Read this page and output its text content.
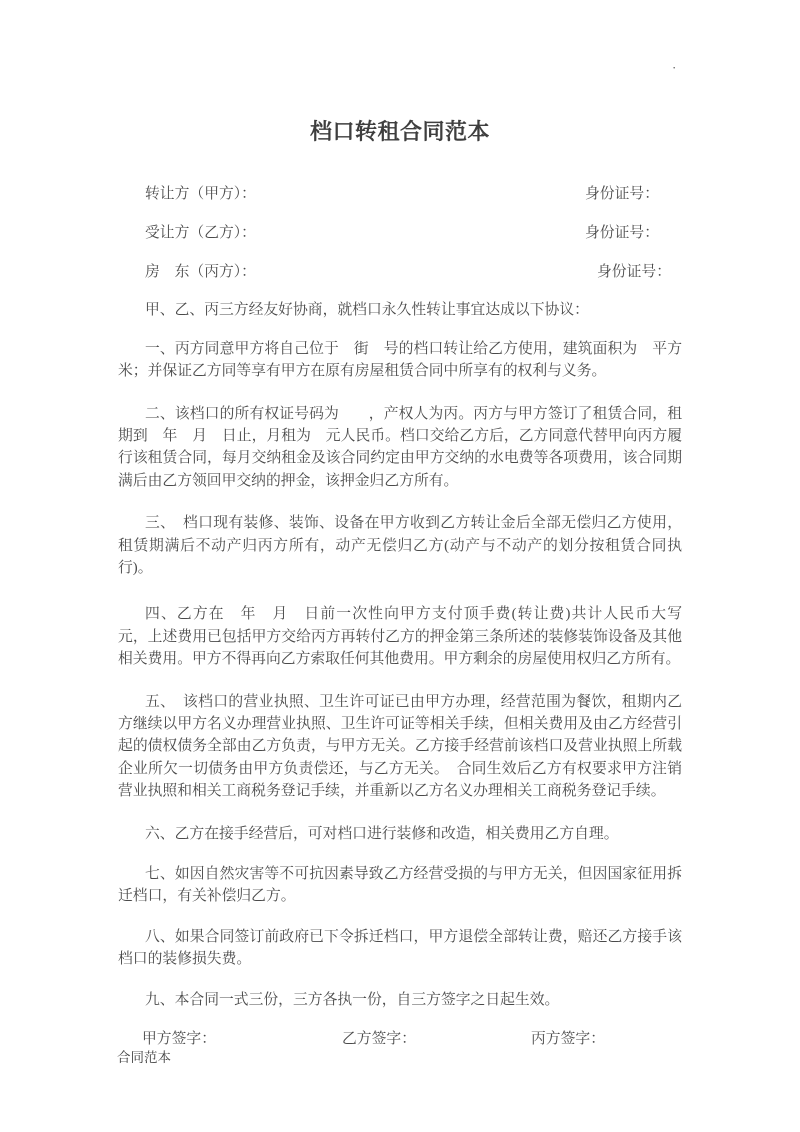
·
档口转租合同范本
转让方（甲方）：	身份证号：
受让方（乙方）：	身份证号：
房　东（丙方）：	身份证号：
甲、乙、丙三方经友好协商，就档口永久性转让事宜达成以下协议：
一、丙方同意甲方将自己位于　街　号的档口转让给乙方使用，建筑面积为　平方米；并保证乙方同等享有甲方在原有房屋租赁合同中所享有的权利与义务。
二、该档口的所有权证号码为　　，产权人为丙。丙方与甲方签订了租赁合同，租期到　年　月　日止，月租为　元人民币。档口交给乙方后，乙方同意代替甲向丙方履行该租赁合同，每月交纳租金及该合同约定由甲方交纳的水电费等各项费用，该合同期满后由乙方领回甲交纳的押金，该押金归乙方所有。
三、　档口现有装修、装饰、设备在甲方收到乙方转让金后全部无偿归乙方使用，租赁期满后不动产归丙方所有，动产无偿归乙方(动产与不动产的划分按租赁合同执行)。
四、乙方在　年　月　日前一次性向甲方支付顶手费(转让费)共计人民币大写　元，上述费用已包括甲方交给丙方再转付乙方的押金第三条所述的装修装饰设备及其他相关费用。甲方不得再向乙方索取任何其他费用。甲方剩余的房屋使用权归乙方所有。
五、　该档口的营业执照、卫生许可证已由甲方办理，经营范围为餐饮，租期内乙方继续以甲方名义办理营业执照、卫生许可证等相关手续，但相关费用及由乙方经营引起的债权债务全部由乙方负责，与甲方无关。乙方接手经营前该档口及营业执照上所载企业所欠一切债务由甲方负责偿还，与乙方无关。　合同生效后乙方有权要求甲方注销营业执照和相关工商税务登记手续，并重新以乙方名义办理相关工商税务登记手续。
六、乙方在接手经营后，可对档口进行装修和改造，相关费用乙方自理。
七、如因自然灾害等不可抗因素导致乙方经营受损的与甲方无关，但因国家征用拆迁档口，有关补偿归乙方。
八、如果合同签订前政府已下令拆迁档口，甲方退偿全部转让费，赔还乙方接手该档口的装修损失费。
九、本合同一式三份，三方各执一份，自三方签字之日起生效。
甲方签字：	乙方签字：	丙方签字：
合同范本
